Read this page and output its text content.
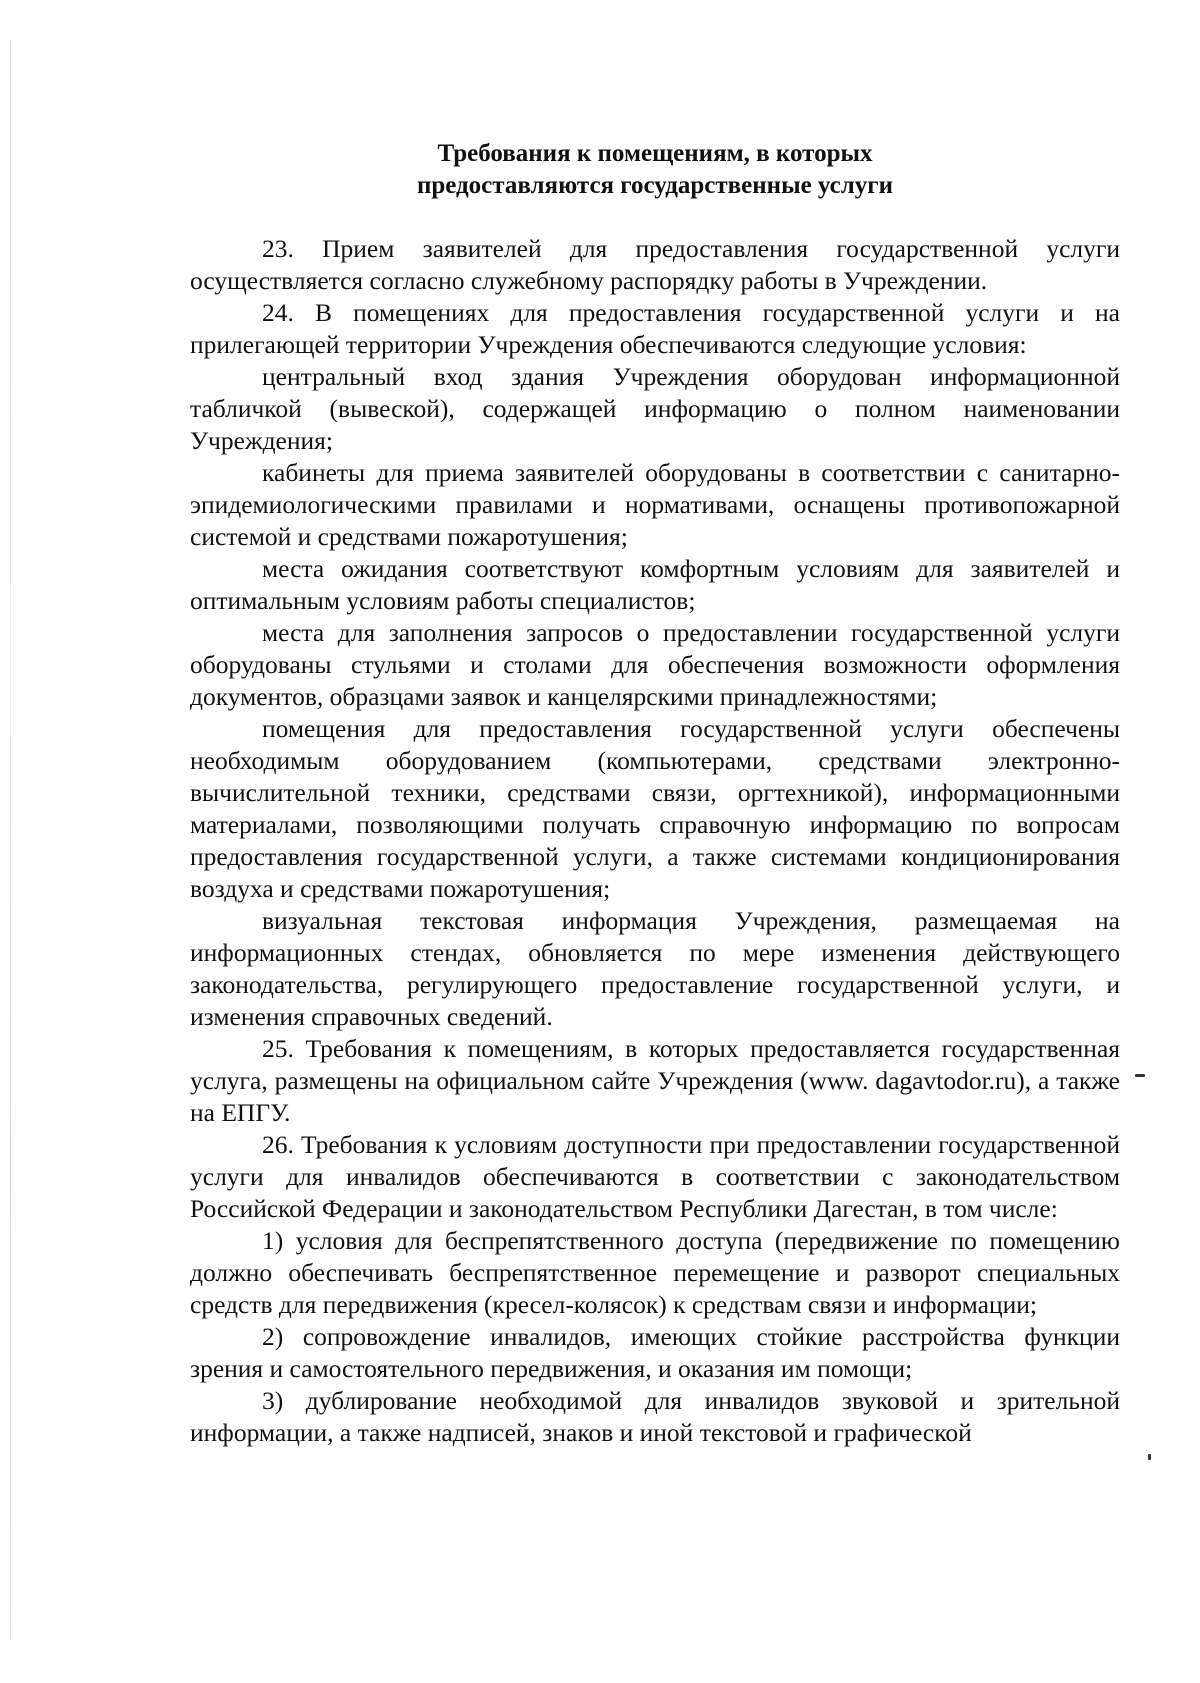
Требования к помещениям, в которых
предоставляются государственные услуги

23. Прием заявителей для предоставления государственной услуги осуществляется согласно служебному распорядку работы в Учреждении.

24. В помещениях для предоставления государственной услуги и на прилегающей территории Учреждения обеспечиваются следующие условия:

центральный вход здания Учреждения оборудован информационной табличкой (вывеской), содержащей информацию о полном наименовании Учреждения;

кабинеты для приема заявителей оборудованы в соответствии с санитарно-эпидемиологическими правилами и нормативами, оснащены противопожарной системой и средствами пожаротушения;

места ожидания соответствуют комфортным условиям для заявителей и оптимальным условиям работы специалистов;

места для заполнения запросов о предоставлении государственной услуги оборудованы стульями и столами для обеспечения возможности оформления документов, образцами заявок и канцелярскими принадлежностями;

помещения для предоставления государственной услуги обеспечены необходимым оборудованием (компьютерами, средствами электронно-вычислительной техники, средствами связи, оргтехникой), информационными материалами, позволяющими получать справочную информацию по вопросам предоставления государственной услуги, а также системами кондиционирования воздуха и средствами пожаротушения;

визуальная текстовая информация Учреждения, размещаемая на информационных стендах, обновляется по мере изменения действующего законодательства, регулирующего предоставление государственной услуги, и изменения справочных сведений.

25. Требования к помещениям, в которых предоставляется государственная услуга, размещены на официальном сайте Учреждения (www. dagavtodor.ru), а также на ЕПГУ.

26. Требования к условиям доступности при предоставлении государственной услуги для инвалидов обеспечиваются в соответствии с законодательством Российской Федерации и законодательством Республики Дагестан, в том числе:

1) условия для беспрепятственного доступа (передвижение по помещению должно обеспечивать беспрепятственное перемещение и разворот специальных средств для передвижения (кресел-колясок) к средствам связи и информации;

2) сопровождение инвалидов, имеющих стойкие расстройства функции зрения и самостоятельного передвижения, и оказания им помощи;

3) дублирование необходимой для инвалидов звуковой и зрительной информации, а также надписей, знаков и иной текстовой и графической
